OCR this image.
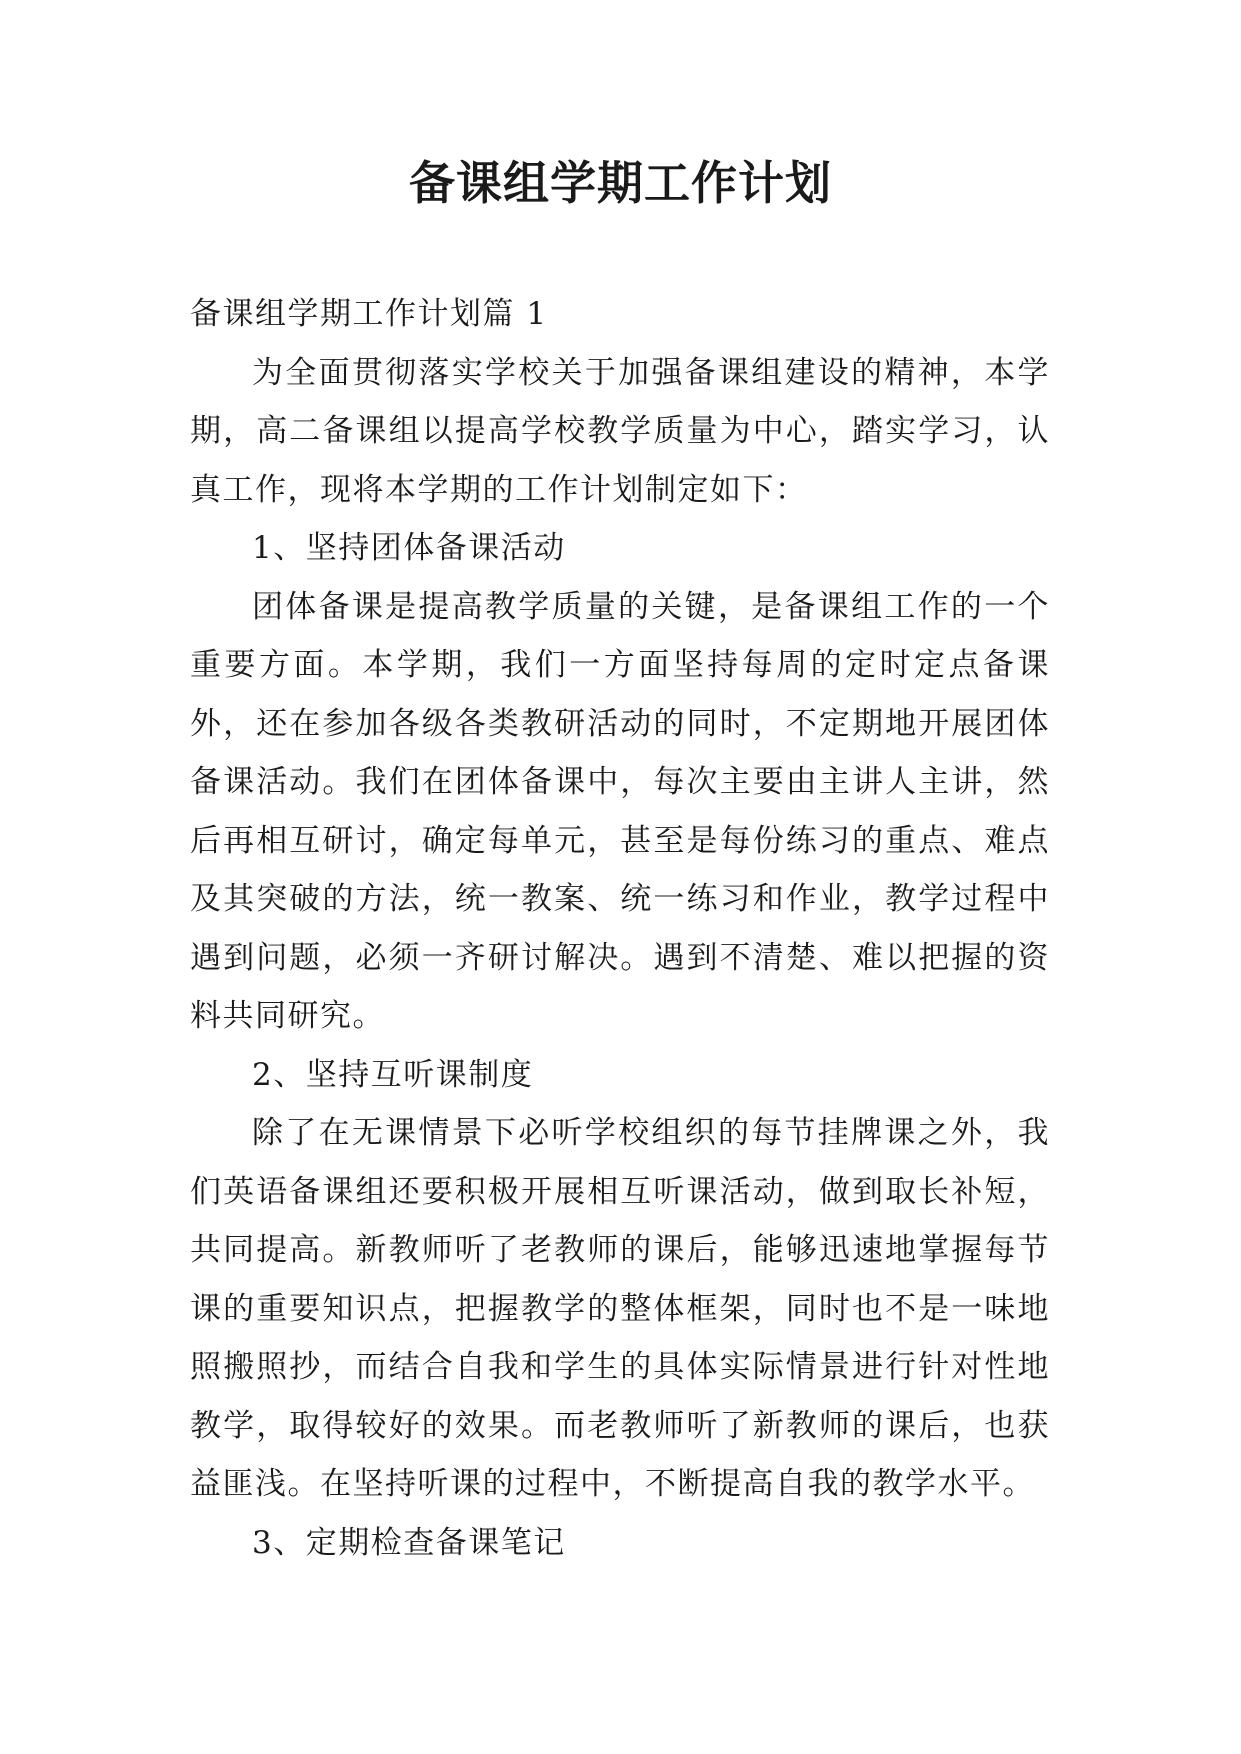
备课组学期工作计划

备课组学期工作计划篇 1

为全面贯彻落实学校关于加强备课组建设的精神，本学期，高二备课组以提高学校教学质量为中心，踏实学习，认真工作，现将本学期的工作计划制定如下：

1、坚持团体备课活动

团体备课是提高教学质量的关键，是备课组工作的一个重要方面。本学期，我们一方面坚持每周的定时定点备课外，还在参加各级各类教研活动的同时，不定期地开展团体备课活动。我们在团体备课中，每次主要由主讲人主讲，然后再相互研讨，确定每单元，甚至是每份练习的重点、难点及其突破的方法，统一教案、统一练习和作业，教学过程中遇到问题，必须一齐研讨解决。遇到不清楚、难以把握的资料共同研究。

2、坚持互听课制度

除了在无课情景下必听学校组织的每节挂牌课之外，我们英语备课组还要积极开展相互听课活动，做到取长补短，共同提高。新教师听了老教师的课后，能够迅速地掌握每节课的重要知识点，把握教学的整体框架，同时也不是一味地照搬照抄，而结合自我和学生的具体实际情景进行针对性地教学，取得较好的效果。而老教师听了新教师的课后，也获益匪浅。在坚持听课的过程中，不断提高自我的教学水平。

3、定期检查备课笔记
